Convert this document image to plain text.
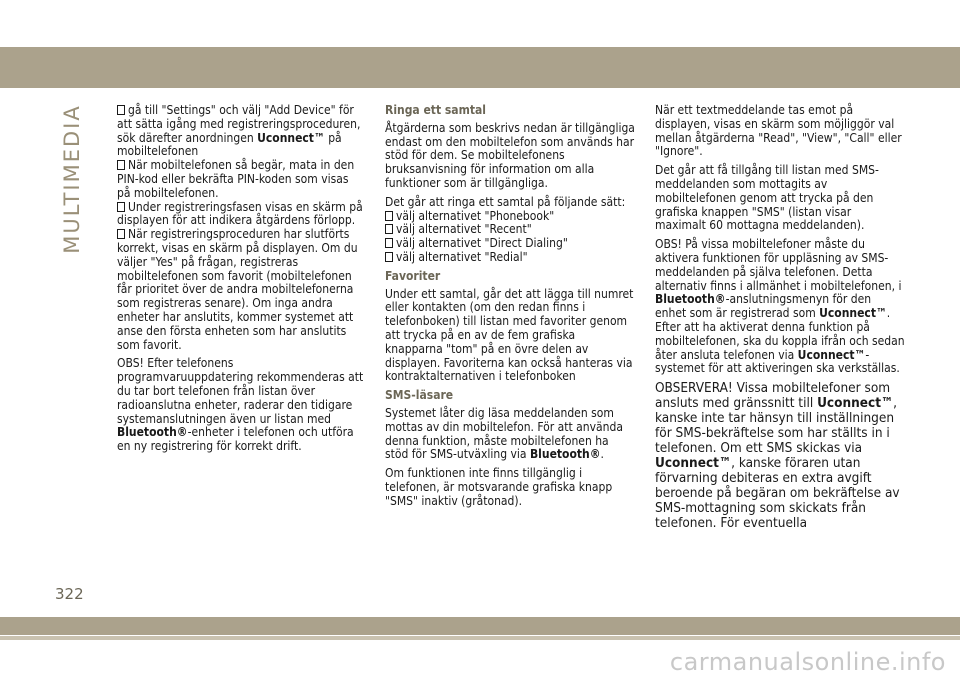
MULTIMEDIA	gå till "Settings" och välj "Add Device" för att sätta igång med registreringsproceduren, sök därefter anordningen Uconnect™ på mobiltelefonen

När mobiltelefonen så begär, mata in den PIN-kod eller bekräfta PIN-koden som visas på mobiltelefonen.

Under registreringsfasen visas en skärm på displayen för att indikera åtgärdens förlopp.

När registreringsproceduren har slutförts korrekt, visas en skärm på displayen. Om du väljer "Yes" på frågan, registreras mobiltelefonen som favorit (mobiltelefonen får prioritet över de andra mobiltelefonerna som registreras senare). Om inga andra enheter har anslutits, kommer systemet att anse den första enheten som har anslutits som favorit.

OBS! Efter telefonens programvaruuppdatering rekommenderas att du tar bort telefonen från listan över radioanslutna enheter, raderar den tidigare systemanslutningen även ur listan med Bluetooth®-enheter i telefonen och utföra en ny registrering för korrekt drift.

Ringa ett samtal

Åtgärderna som beskrivs nedan är tillgängliga endast om den mobiltelefon som används har stöd för dem. Se mobiltelefonens bruksanvisning för information om alla funktioner som är tillgängliga.

Det går att ringa ett samtal på följande sätt:

välj alternativet "Phonebook"

välj alternativet "Recent"

välj alternativet "Direct Dialing"

välj alternativet "Redial"

Favoriter

Under ett samtal, går det att lägga till numret eller kontakten (om den redan finns i telefonboken) till listan med favoriter genom att trycka på en av de fem grafiska knapparna "tom" på en övre delen av displayen. Favoriterna kan också hanteras via kontraktalternativen i telefonboken

SMS-läsare

Systemet låter dig läsa meddelanden som mottas av din mobiltelefon. För att använda denna funktion, måste mobiltelefonen ha stöd för SMS-utväxling via Bluetooth®.

Om funktionen inte finns tillgänglig i telefonen, är motsvarande grafiska knapp "SMS" inaktiv (gråtonad).

När ett textmeddelande tas emot på displayen, visas en skärm som möjliggör val mellan åtgärderna "Read", "View", "Call" eller "Ignore".

Det går att få tillgång till listan med SMS-meddelanden som mottagits av mobiltelefonen genom att trycka på den grafiska knappen "SMS" (listan visar maximalt 60 mottagna meddelanden).

OBS! På vissa mobiltelefoner måste du aktivera funktionen för uppläsning av SMS-meddelanden på själva telefonen. Detta alternativ finns i allmänhet i mobiltelefonen, i Bluetooth®-anslutningsmenyn för den enhet som är registrerad som Uconnect™. Efter att ha aktiverat denna funktion på mobiltelefonen, ska du koppla ifrån och sedan åter ansluta telefonen via Uconnect™-systemet för att aktiveringen ska verkställas.

OBSERVERA! Vissa mobiltelefoner som ansluts med gränssnitt till Uconnect™, kanske inte tar hänsyn till inställningen för SMS-bekräftelse som har ställts in i telefonen. Om ett SMS skickas via Uconnect™, kanske föraren utan förvarning debiteras en extra avgift beroende på begäran om bekräftelse av SMS-mottagning som skickats från telefonen. För eventuella

322
carmanualsonline.info
